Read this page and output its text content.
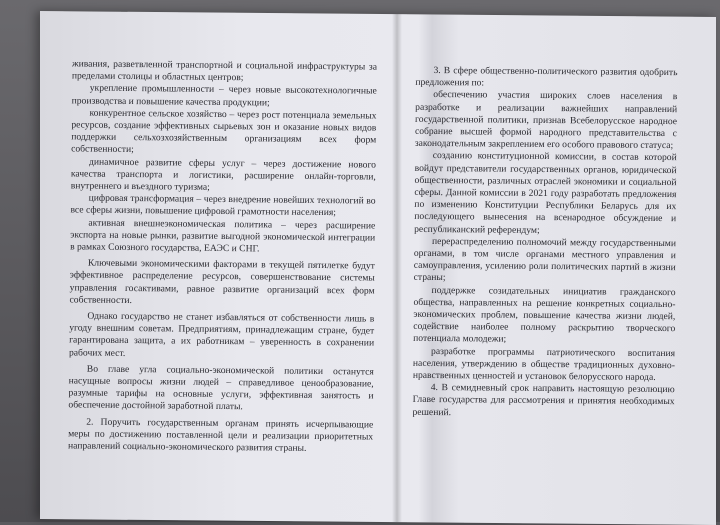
живания, разветвленной транспортной и социальной инфраструктуры за пределами столицы и областных центров;

укрепление промышленности – через новые высокотехнологичные производства и повышение качества продукции;

конкурентное сельское хозяйство – через рост потенциала земельных ресурсов, создание эффективных сырьевых зон и оказание новых видов поддержки сельхозхозяйственным организациям всех форм собственности;

динамичное развитие сферы услуг – через достижение нового качества транспорта и логистики, расширение онлайн-торговли, внутреннего и въездного туризма;

цифровая трансформация – через внедрение новейших технологий во все сферы жизни, повышение цифровой грамотности населения;

активная внешнеэкономическая политика – через расширение экспорта на новые рынки, развитие выгодной экономической интеграции в рамках Союзного государства, ЕАЭС и СНГ.

Ключевыми экономическими факторами в текущей пятилетке будут эффективное распределение ресурсов, совершенствование системы управления госактивами, равное развитие организаций всех форм собственности.

Однако государство не станет избавляться от собственности лишь в угоду внешним советам. Предприятиям, принадлежащим стране, будет гарантирована защита, а их работникам – уверенность в сохранении рабочих мест.

Во главе угла социально-экономической политики останутся насущные вопросы жизни людей – справедливое ценообразование, разумные тарифы на основные услуги, эффективная занятость и обеспечение достойной заработной платы.

2. Поручить государственным органам принять исчерпывающие меры по достижению поставленной цели и реализации приоритетных направлений социально-экономического развития страны.

3. В сфере общественно-политического развития одобрить предложения по:

обеспечению участия широких слоев населения в разработке и реализации важнейших направлений государственной политики, признав Всебелорусское народное собрание высшей формой народного представительства с законодательным закреплением его особого правового статуса;

созданию конституционной комиссии, в состав которой войдут представители государственных органов, юридической общественности, различных отраслей экономики и социальной сферы. Данной комиссии в 2021 году разработать предложения по изменению Конституции Республики Беларусь для их последующего вынесения на всенародное обсуждение и республиканский референдум;

перераспределению полномочий между государственными органами, в том числе органами местного управления и самоуправления, усилению роли политических партий в жизни страны;

поддержке созидательных инициатив гражданского общества, направленных на решение конкретных социально-экономических проблем, повышение качества жизни людей, содействие наиболее полному раскрытию творческого потенциала молодежи;

разработке программы патриотического воспитания населения, утверждению в обществе традиционных духовно-нравственных ценностей и установок белорусского народа.

4. В семидневный срок направить настоящую резолюцию Главе государства для рассмотрения и принятия необходимых решений.
